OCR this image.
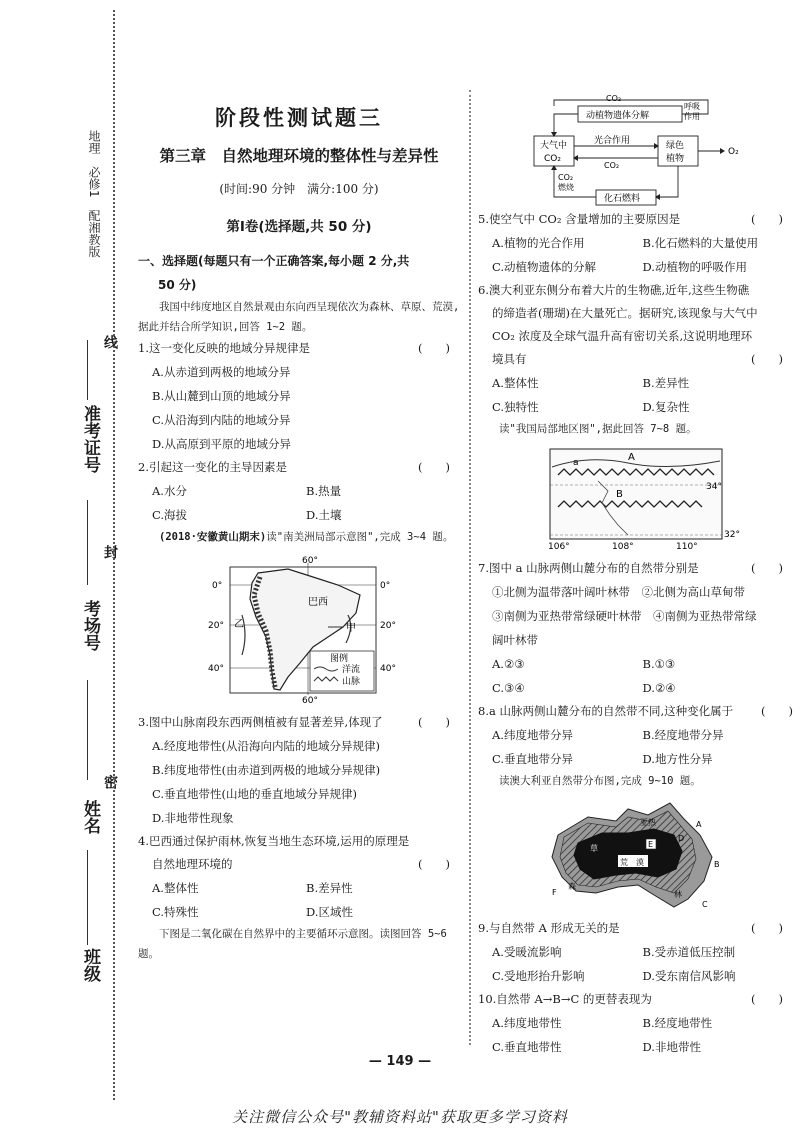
地理　必修1　配湘教版
线
准考证号
封
考场号
密
姓名
班级
阶段性测试题三
第三章　自然地理环境的整体性与差异性
(时间:90 分钟　满分:100 分)
第Ⅰ卷(选择题,共 50 分)
一、选择题(每题只有一个正确答案,每小题 2 分,共
50 分)
我国中纬度地区自然景观由东向西呈现依次为森林、草原、荒漠,据此并结合所学知识,回答 1~2 题。
1.这一变化反映的地域分异规律是	(　　)
A.从赤道到两极的地域分异
B.从山麓到山顶的地域分异
C.从沿海到内陆的地域分异
D.从高原到平原的地域分异
2.引起这一变化的主导因素是	(　　)
A.水分	B.热量
C.海拔	D.土壤
(2018·安徽黄山期末)读"南美洲局部示意图",完成 3~4 题。
60°
60°
0°
20°
40°
0°
20°
40°
巴西
乙	甲
图例
洋流
山脉
3.图中山脉南段东西两侧植被有显著差异,体现了	(　　)
A.经度地带性(从沿海向内陆的地域分异规律)
B.纬度地带性(由赤道到两极的地域分异规律)
C.垂直地带性(山地的垂直地域分异规律)
D.非地带性现象
4.巴西通过保护雨林,恢复当地生态环境,运用的原理是
自然地理环境的	(　　)
A.整体性	B.差异性
C.特殊性	D.区域性
下图是二氧化碳在自然界中的主要循环示意图。读图回答 5~6 题。
CO₂
动植物遗体分解
呼吸
作用
大气中
CO₂
光合作用
CO₂
绿色
植物
O₂
CO₂
燃烧
化石燃料
5.使空气中 CO₂ 含量增加的主要原因是	(　　)
A.植物的光合作用	B.化石燃料的大量使用
C.动植物遗体的分解	D.动植物的呼吸作用
6.澳大利亚东侧分布着大片的生物礁,近年,这些生物礁
的缔造者(珊瑚)在大量死亡。据研究,该现象与大气中
CO₂ 浓度及全球气温升高有密切关系,这说明地理环
境具有	(　　)
A.整体性	B.差异性
C.独特性	D.复杂性
读"我国局部地区图",据此回答 7~8 题。
a	A
B
34°
32°
106°	108°	110°
7.图中 a 山脉两侧山麓分布的自然带分别是	(　　)
①北侧为温带落叶阔叶林带　②北侧为高山草甸带
③南侧为亚热带常绿硬叶林带　④南侧为亚热带常绿
阔叶林带
A.②③	B.①③
C.③④	D.②④
8.a 山脉两侧山麓分布的自然带不同,这种变化属于 (　　)
A.纬度地带分异	B.经度地带分异
C.垂直地带分异	D.地方性分异
读澳大利亚自然带分布图,完成 9~10 题。
A
B
C
D
E
F
亚热
草
荒　漠
森
林
9.与自然带 A 形成无关的是	(　　)
A.受暖流影响	B.受赤道低压控制
C.受地形抬升影响	D.受东南信风影响
10.自然带 A→B→C 的更替表现为	(　　)
A.纬度地带性	B.经度地带性
C.垂直地带性	D.非地带性
— 149 —
关注微信公众号"教辅资料站"获取更多学习资料
